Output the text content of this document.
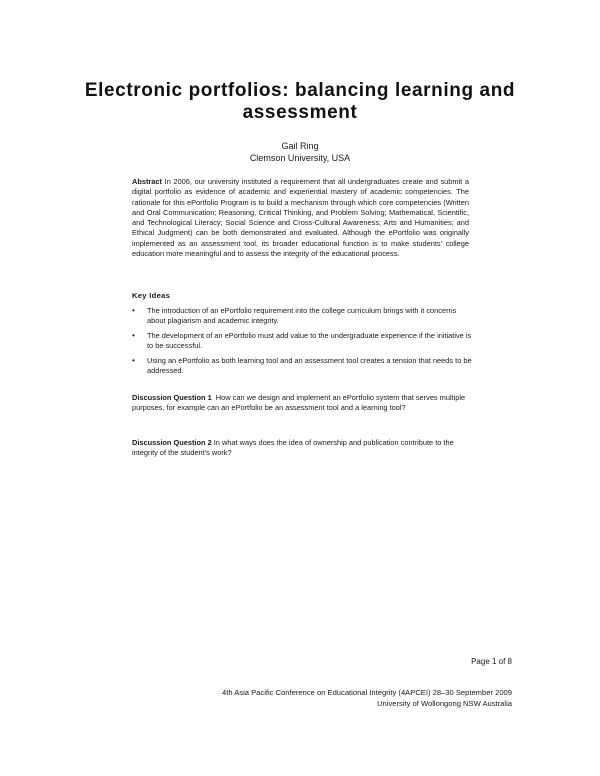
Electronic portfolios: balancing learning and assessment
Gail Ring
Clemson University, USA

Abstract In 2006, our university instituted a requirement that all undergraduates create and submit a digital portfolio as evidence of academic and experiential mastery of academic competencies. The rationale for this ePortfolio Program is to build a mechanism through which core competencies (Written and Oral Communication; Reasoning, Critical Thinking, and Problem Solving; Mathematical, Scientific, and Technological Literacy; Social Science and Cross-Cultural Awareness; Arts and Humanities; and Ethical Judgment) can be both demonstrated and evaluated. Although the ePortfolio was originally implemented as an assessment tool, its broader educational function is to make students' college education more meaningful and to assess the integrity of the educational process.

Key Ideas
• The introduction of an ePortfolio requirement into the college curriculum brings with it concerns about plagiarism and academic integrity.
• The development of an ePortfolio must add value to the undergraduate experience if the initiative is to be successful.
• Using an ePortfolio as both learning tool and an assessment tool creates a tension that needs to be addressed.

Discussion Question 1 How can we design and implement an ePortfolio system that serves multiple purposes, for example can an ePortfolio be an assessment tool and a learning tool?

Discussion Question 2 In what ways does the idea of ownership and publication contribute to the integrity of the student's work?

Page 1 of 8
4th Asia Pacific Conference on Educational Integrity (4APCEI) 28–30 September 2009
University of Wollongong NSW Australia
